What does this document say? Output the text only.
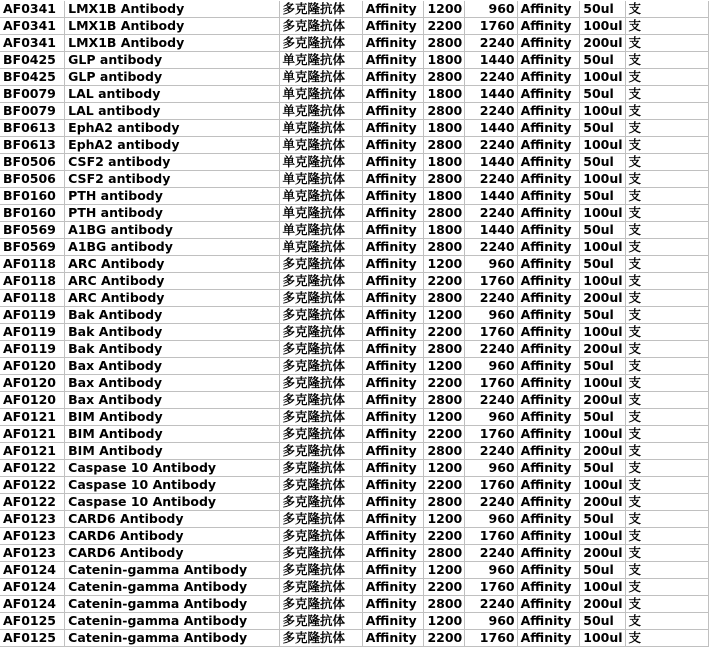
AF0341	LMX1B Antibody	多克隆抗体	Affinity	1200	960	Affinity	50ul	支
AF0341	LMX1B Antibody	多克隆抗体	Affinity	2200	1760	Affinity	100ul	支
AF0341	LMX1B Antibody	多克隆抗体	Affinity	2800	2240	Affinity	200ul	支
BF0425	GLP antibody	单克隆抗体	Affinity	1800	1440	Affinity	50ul	支
BF0425	GLP antibody	单克隆抗体	Affinity	2800	2240	Affinity	100ul	支
BF0079	LAL antibody	单克隆抗体	Affinity	1800	1440	Affinity	50ul	支
BF0079	LAL antibody	单克隆抗体	Affinity	2800	2240	Affinity	100ul	支
BF0613	EphA2 antibody	单克隆抗体	Affinity	1800	1440	Affinity	50ul	支
BF0613	EphA2 antibody	单克隆抗体	Affinity	2800	2240	Affinity	100ul	支
BF0506	CSF2 antibody	单克隆抗体	Affinity	1800	1440	Affinity	50ul	支
BF0506	CSF2 antibody	单克隆抗体	Affinity	2800	2240	Affinity	100ul	支
BF0160	PTH antibody	单克隆抗体	Affinity	1800	1440	Affinity	50ul	支
BF0160	PTH antibody	单克隆抗体	Affinity	2800	2240	Affinity	100ul	支
BF0569	A1BG antibody	单克隆抗体	Affinity	1800	1440	Affinity	50ul	支
BF0569	A1BG antibody	单克隆抗体	Affinity	2800	2240	Affinity	100ul	支
AF0118	ARC Antibody	多克隆抗体	Affinity	1200	960	Affinity	50ul	支
AF0118	ARC Antibody	多克隆抗体	Affinity	2200	1760	Affinity	100ul	支
AF0118	ARC Antibody	多克隆抗体	Affinity	2800	2240	Affinity	200ul	支
AF0119	Bak Antibody	多克隆抗体	Affinity	1200	960	Affinity	50ul	支
AF0119	Bak Antibody	多克隆抗体	Affinity	2200	1760	Affinity	100ul	支
AF0119	Bak Antibody	多克隆抗体	Affinity	2800	2240	Affinity	200ul	支
AF0120	Bax Antibody	多克隆抗体	Affinity	1200	960	Affinity	50ul	支
AF0120	Bax Antibody	多克隆抗体	Affinity	2200	1760	Affinity	100ul	支
AF0120	Bax Antibody	多克隆抗体	Affinity	2800	2240	Affinity	200ul	支
AF0121	BIM Antibody	多克隆抗体	Affinity	1200	960	Affinity	50ul	支
AF0121	BIM Antibody	多克隆抗体	Affinity	2200	1760	Affinity	100ul	支
AF0121	BIM Antibody	多克隆抗体	Affinity	2800	2240	Affinity	200ul	支
AF0122	Caspase 10 Antibody	多克隆抗体	Affinity	1200	960	Affinity	50ul	支
AF0122	Caspase 10 Antibody	多克隆抗体	Affinity	2200	1760	Affinity	100ul	支
AF0122	Caspase 10 Antibody	多克隆抗体	Affinity	2800	2240	Affinity	200ul	支
AF0123	CARD6 Antibody	多克隆抗体	Affinity	1200	960	Affinity	50ul	支
AF0123	CARD6 Antibody	多克隆抗体	Affinity	2200	1760	Affinity	100ul	支
AF0123	CARD6 Antibody	多克隆抗体	Affinity	2800	2240	Affinity	200ul	支
AF0124	Catenin-gamma Antibody	多克隆抗体	Affinity	1200	960	Affinity	50ul	支
AF0124	Catenin-gamma Antibody	多克隆抗体	Affinity	2200	1760	Affinity	100ul	支
AF0124	Catenin-gamma Antibody	多克隆抗体	Affinity	2800	2240	Affinity	200ul	支
AF0125	Catenin-gamma Antibody	多克隆抗体	Affinity	1200	960	Affinity	50ul	支
AF0125	Catenin-gamma Antibody	多克隆抗体	Affinity	2200	1760	Affinity	100ul	支
